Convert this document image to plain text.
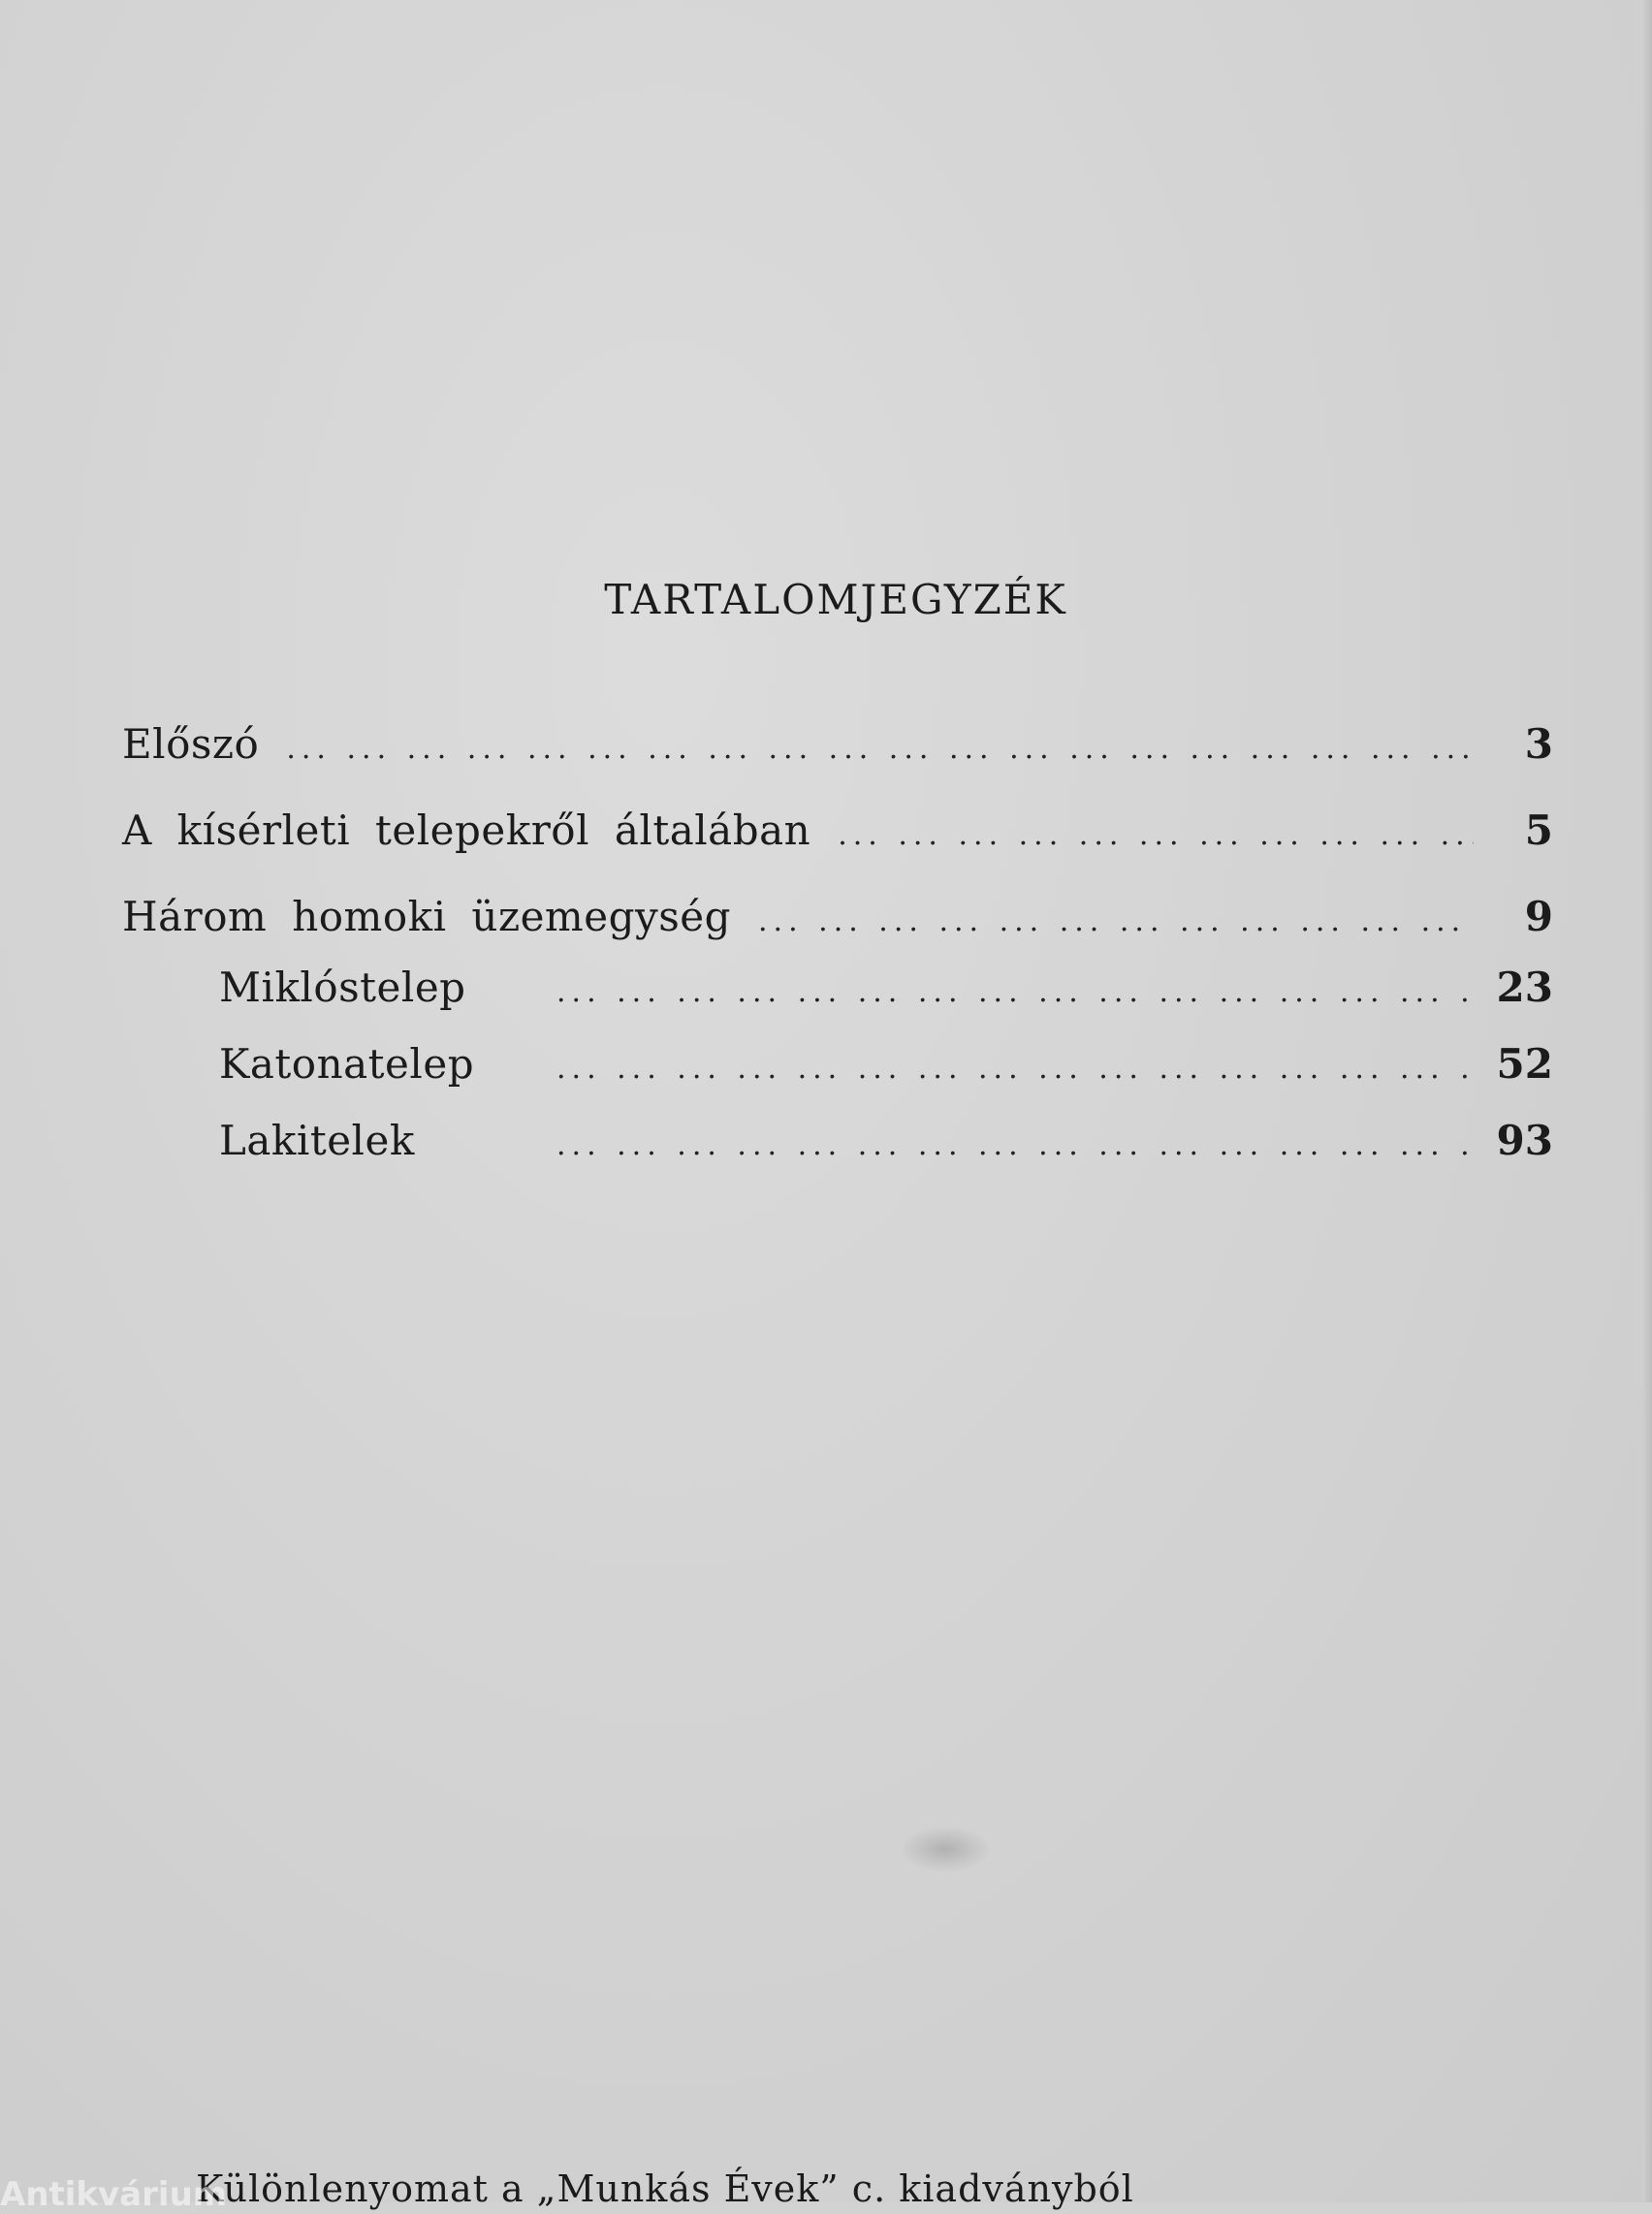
TARTALOMJEGYZÉK
Előszó ... .	3
A kísérleti telepekről általában ... .	5
Három homoki üzemegység ... .	9
Miklóstelep ... .	23
Katonatelep ... .	52
Lakitelek ... .	93

Különlenyomat a „Munkás Évek” c. kiadványból

Antikvárium
